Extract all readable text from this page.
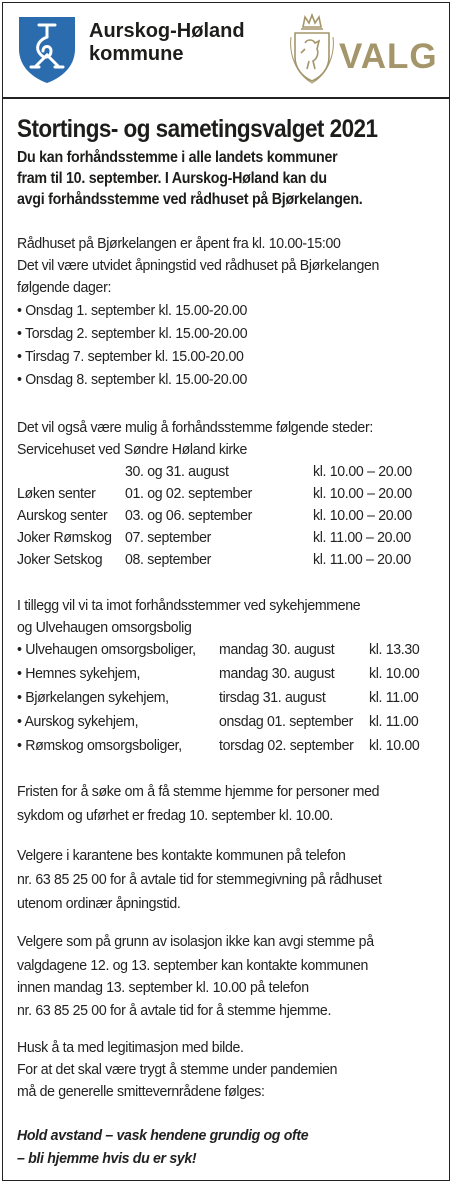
Aurskog-Høland
kommune	VALG
Stortings- og sametingsvalget 2021
Du kan forhåndsstemme i alle landets kommuner
fram til 10. september. I Aurskog-Høland kan du
avgi forhåndsstemme ved rådhuset på Bjørkelangen.
Rådhuset på Bjørkelangen er åpent fra kl. 10.00-15:00
Det vil være utvidet åpningstid ved rådhuset på Bjørkelangen
følgende dager:
• Onsdag 1. september kl. 15.00-20.00
• Torsdag 2. september kl. 15.00-20.00
• Tirsdag 7. september kl. 15.00-20.00
• Onsdag 8. september kl. 15.00-20.00
Det vil også være mulig å forhåndsstemme følgende steder:
Servicehuset ved Søndre Høland kirke
30. og 31. august	kl. 10.00 – 20.00
Løken senter 01. og 02. september	kl. 10.00 – 20.00
Aurskog senter 03. og 06. september	kl. 10.00 – 20.00
Joker Rømskog 07. september	kl. 11.00 – 20.00
Joker Setskog 08. september	kl. 11.00 – 20.00
I tillegg vil vi ta imot forhåndsstemmer ved sykehjemmene
og Ulvehaugen omsorgsbolig
• Ulvehaugen omsorgsboliger, mandag 30. august kl. 13.30
• Hemnes sykehjem,	mandag 30. august kl. 10.00
• Bjørkelangen sykehjem,	tirsdag 31. august	kl. 11.00
• Aurskog sykehjem,	onsdag 01. september kl. 11.00
• Rømskog omsorgsboliger, torsdag 02. september kl. 10.00
Fristen for å søke om å få stemme hjemme for personer med
sykdom og uførhet er fredag 10. september kl. 10.00.
Velgere i karantene bes kontakte kommunen på telefon
nr. 63 85 25 00 for å avtale tid for stemmegivning på rådhuset
utenom ordinær åpningstid.
Velgere som på grunn av isolasjon ikke kan avgi stemme på
valgdagene 12. og 13. september kan kontakte kommunen
innen mandag 13. september kl. 10.00 på telefon
nr. 63 85 25 00 for å avtale tid for å stemme hjemme.
Husk å ta med legitimasjon med bilde.
For at det skal være trygt å stemme under pandemien
må de generelle smittevernrådene følges:
Hold avstand – vask hendene grundig og ofte
– bli hjemme hvis du er syk!
